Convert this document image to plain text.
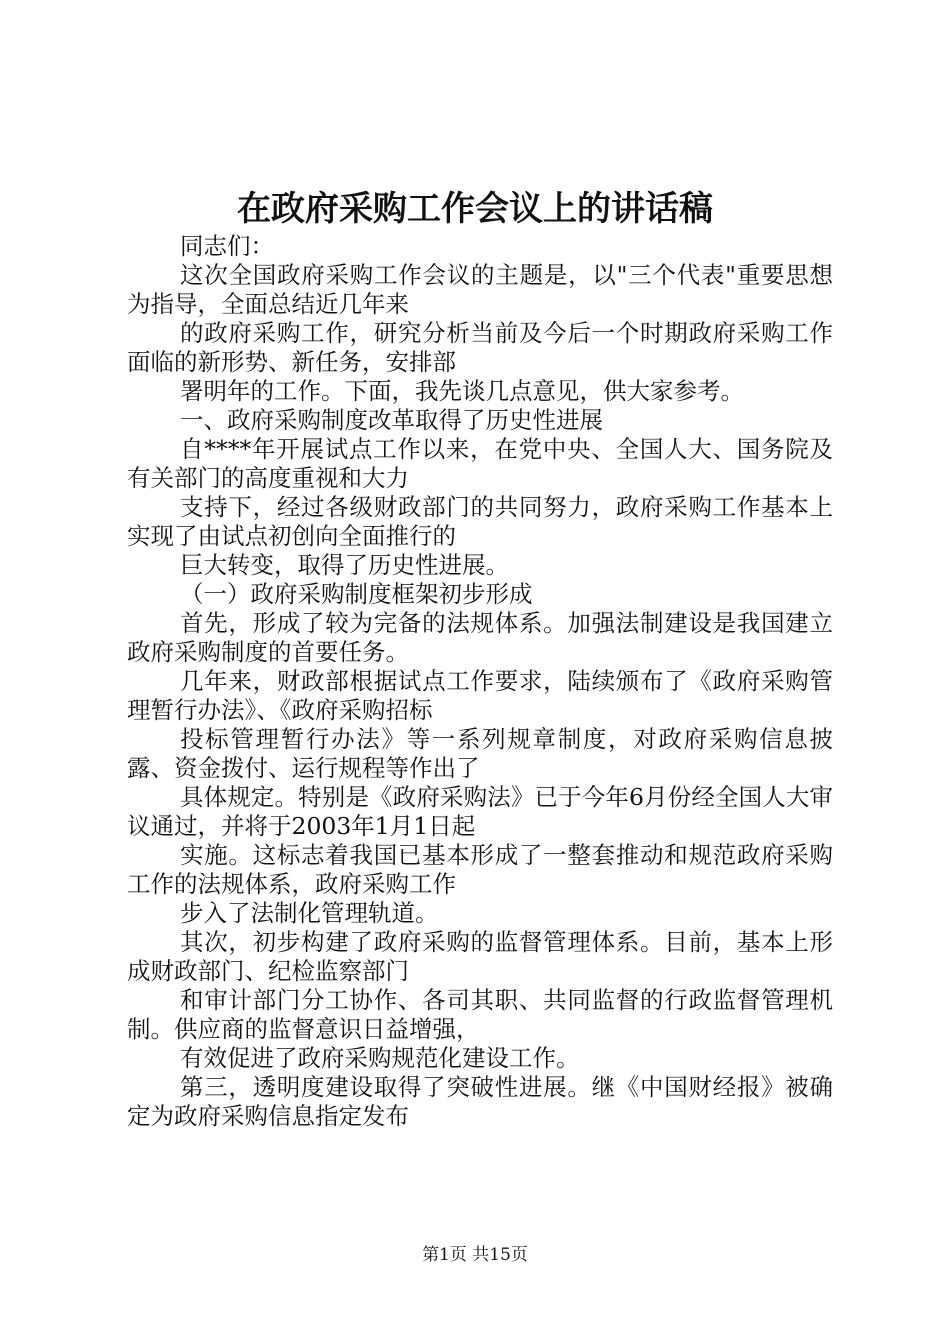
在政府采购工作会议上的讲话稿

同志们：

这次全国政府采购工作会议的主题是，以"三个代表"重要思想为指导，全面总结近几年来

的政府采购工作，研究分析当前及今后一个时期政府采购工作面临的新形势、新任务，安排部

署明年的工作。下面，我先谈几点意见，供大家参考。

一、政府采购制度改革取得了历史性进展

自****年开展试点工作以来，在党中央、全国人大、国务院及有关部门的高度重视和大力

支持下，经过各级财政部门的共同努力，政府采购工作基本上实现了由试点初创向全面推行的

巨大转变，取得了历史性进展。

（一）政府采购制度框架初步形成

首先，形成了较为完备的法规体系。加强法制建设是我国建立政府采购制度的首要任务。

几年来，财政部根据试点工作要求，陆续颁布了《政府采购管理暂行办法》、《政府采购招标

投标管理暂行办法》等一系列规章制度，对政府采购信息披露、资金拨付、运行规程等作出了

具体规定。特别是《政府采购法》已于今年6月份经全国人大审议通过，并将于2003年1月1日起

实施。这标志着我国已基本形成了一整套推动和规范政府采购工作的法规体系，政府采购工作

步入了法制化管理轨道。

其次，初步构建了政府采购的监督管理体系。目前，基本上形成财政部门、纪检监察部门

和审计部门分工协作、各司其职、共同监督的行政监督管理机制。供应商的监督意识日益增强，

有效促进了政府采购规范化建设工作。

第三，透明度建设取得了突破性进展。继《中国财经报》被确定为政府采购信息指定发布

第1页 共15页
